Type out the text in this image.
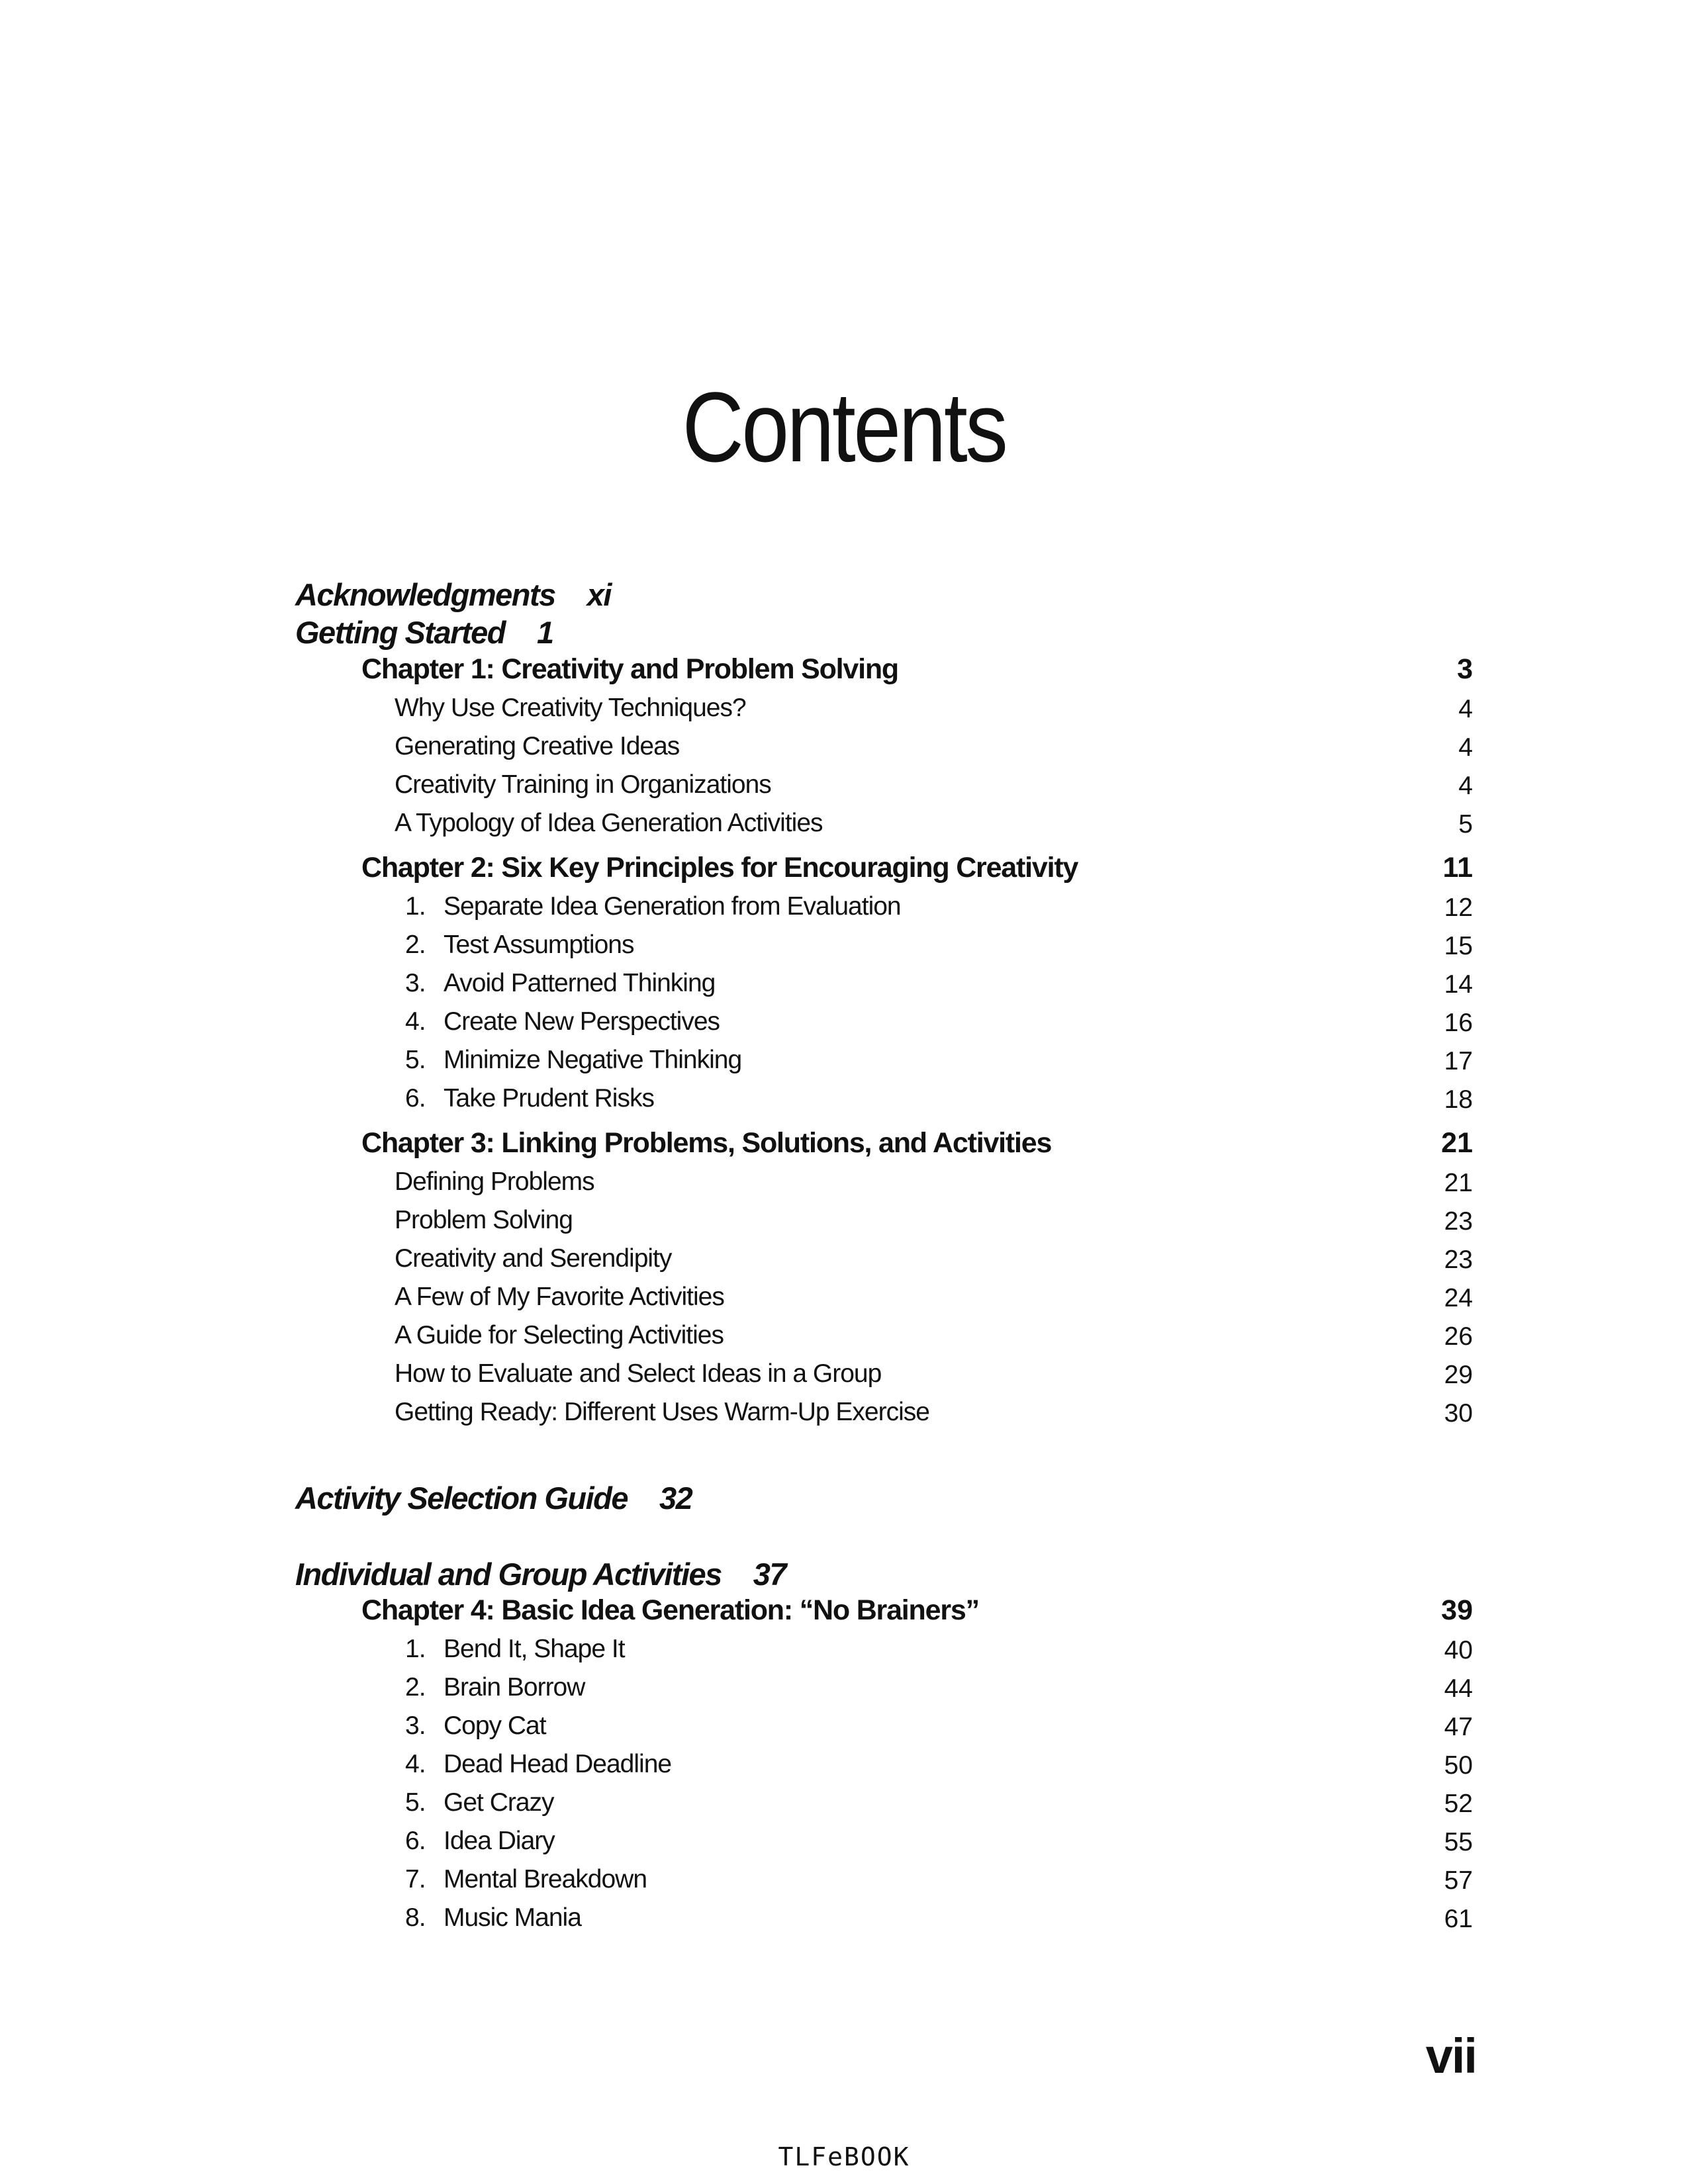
Contents
Acknowledgments xi
Getting Started 1
Chapter 1: Creativity and Problem Solving	3
Why Use Creativity Techniques?	4
Generating Creative Ideas	4
Creativity Training in Organizations	4
A Typology of Idea Generation Activities	5
Chapter 2: Six Key Principles for Encouraging Creativity	11
1. Separate Idea Generation from Evaluation	12
2. Test Assumptions	15
3. Avoid Patterned Thinking	14
4. Create New Perspectives	16
5. Minimize Negative Thinking	17
6. Take Prudent Risks	18
Chapter 3: Linking Problems, Solutions, and Activities	21
Defining Problems	21
Problem Solving	23
Creativity and Serendipity	23
A Few of My Favorite Activities	24
A Guide for Selecting Activities	26
How to Evaluate and Select Ideas in a Group	29
Getting Ready: Different Uses Warm-Up Exercise	30
Activity Selection Guide 32
Individual and Group Activities 37
Chapter 4: Basic Idea Generation: “No Brainers”	39
1. Bend It, Shape It	40
2. Brain Borrow	44
3. Copy Cat	47
4. Dead Head Deadline	50
5. Get Crazy	52
6. Idea Diary	55
7. Mental Breakdown	57
8. Music Mania	61
vii
TLFeBOOK
